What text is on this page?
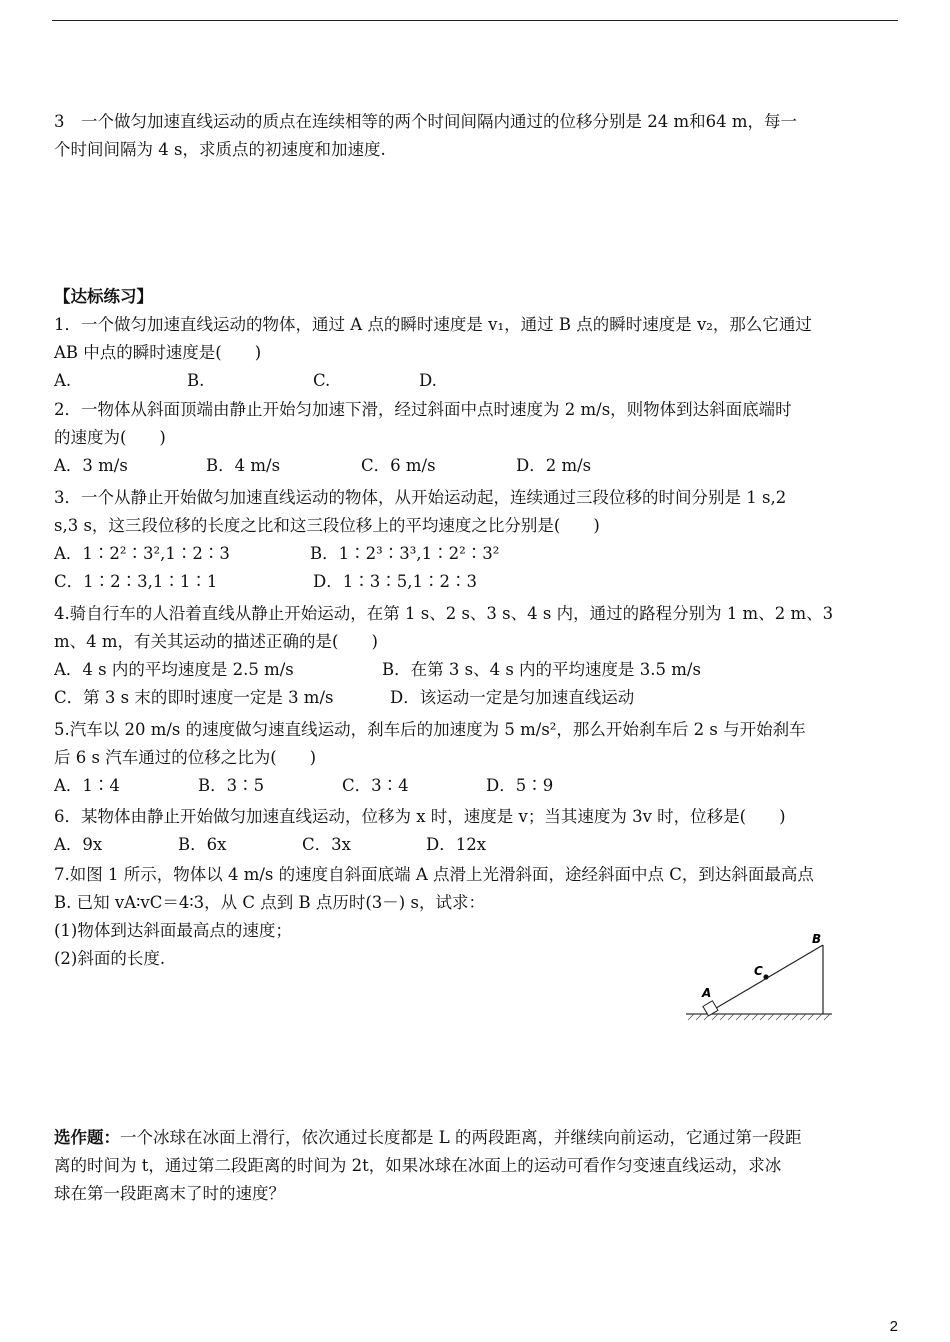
3　一个做匀加速直线运动的质点在连续相等的两个时间间隔内通过的位移分别是 24 m和64 m，每一
个时间间隔为 4 s，求质点的初速度和加速度.
【达标练习】
1．一个做匀加速直线运动的物体，通过 A 点的瞬时速度是 v₁，通过 B 点的瞬时速度是 v₂，那么它通过
AB 中点的瞬时速度是(　　)
A.	B.	C.	D.
2．一物体从斜面顶端由静止开始匀加速下滑，经过斜面中点时速度为 2 m/s，则物体到达斜面底端时
的速度为(　　)
A．3 m/s	B．4 m/s	C．6 m/s	D．2 m/s
3．一个从静止开始做匀加速直线运动的物体，从开始运动起，连续通过三段位移的时间分别是 1 s,2
s,3 s，这三段位移的长度之比和这三段位移上的平均速度之比分别是(　　)
A．1∶2²∶3²,1∶2∶3	B．1∶2³∶3³,1∶2²∶3²
C．1∶2∶3,1∶1∶1	D．1∶3∶5,1∶2∶3
4.骑自行车的人沿着直线从静止开始运动，在第 1 s、2 s、3 s、4 s 内，通过的路程分别为 1 m、2 m、3
m、4 m，有关其运动的描述正确的是(　　)
A．4 s 内的平均速度是 2.5 m/s	B．在第 3 s、4 s 内的平均速度是 3.5 m/s
C．第 3 s 末的即时速度一定是 3 m/s	D．该运动一定是匀加速直线运动
5.汽车以 20 m/s 的速度做匀速直线运动，刹车后的加速度为 5 m/s²，那么开始刹车后 2 s 与开始刹车
后 6 s 汽车通过的位移之比为(　　)
A．1∶4	B．3∶5	C．3∶4	D．5∶9
6．某物体由静止开始做匀加速直线运动，位移为 x 时，速度是 v；当其速度为 3v 时，位移是(　　)
A．9x	B．6x	C．3x	D．12x
7.如图 1 所示，物体以 4 m/s 的速度自斜面底端 A 点滑上光滑斜面，途经斜面中点 C，到达斜面最高点
B. 已知 vA∶vC＝4∶3，从 C 点到 B 点历时(3－) s，试求：
(1)物体到达斜面最高点的速度；
(2)斜面的长度.
A
C
B
选作题：一个冰球在冰面上滑行，依次通过长度都是 L 的两段距离，并继续向前运动，它通过第一段距
离的时间为 t，通过第二段距离的时间为 2t，如果冰球在冰面上的运动可看作匀变速直线运动，求冰
球在第一段距离末了时的速度？
2
